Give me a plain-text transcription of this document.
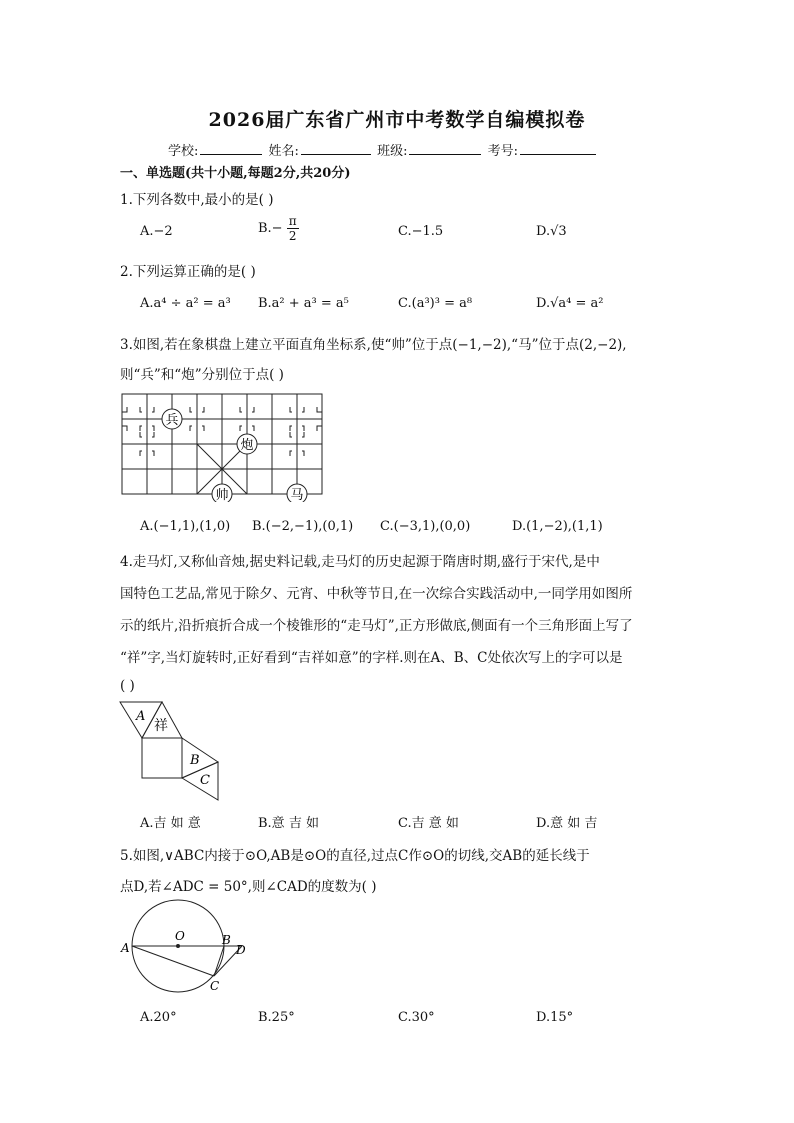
2026届广东省广州市中考数学自编模拟卷
学校:	姓名:	班级:	考号:
一、单选题(共十小题,每题2分,共20分)
1.下列各数中,最小的是( )
A.−2	$B.- \frac{\pi}{2}$	C.−1.5	D.√3
2.下列运算正确的是( )
A.a⁴ ÷ a² = a³ B.a² + a³ = a⁵	C.(a³)³ = a⁸	D.√a⁴ = a²
3.如图,若在象棋盘上建立平面直角坐标系,使“帅”位于点(−1,−2),“马”位于点(2,−2),
则“兵”和“炮”分别位于点( )
兵
炮
帅	马
A.(−1,1),(1,0) B.(−2,−1),(0,1) C.(−3,1),(0,0)	D.(1,−2),(1,1)
4.走马灯,又称仙音烛,据史料记载,走马灯的历史起源于隋唐时期,盛行于宋代,是中
国特色工艺品,常见于除夕、元宵、中秋等节日,在一次综合实践活动中,一同学用如图所
示的纸片,沿折痕折合成一个棱锥形的“走马灯”,正方形做底,侧面有一个三角形面上写了
“祥”字,当灯旋转时,正好看到“吉祥如意”的字样.则在A、B、C处依次写上的字可以是
( )
A
祥
B
C
A.吉 如 意	B.意 吉 如	C.吉 意 如	D.意 如 吉
5.如图,∨ABC内接于⊙O,AB是⊙O的直径,过点C作⊙O的切线,交AB的延长线于
点D,若∠ADC = 50°,则∠CAD的度数为( )
A
O	B
D
C
A.20°	B.25°	C.30°	D.15°
